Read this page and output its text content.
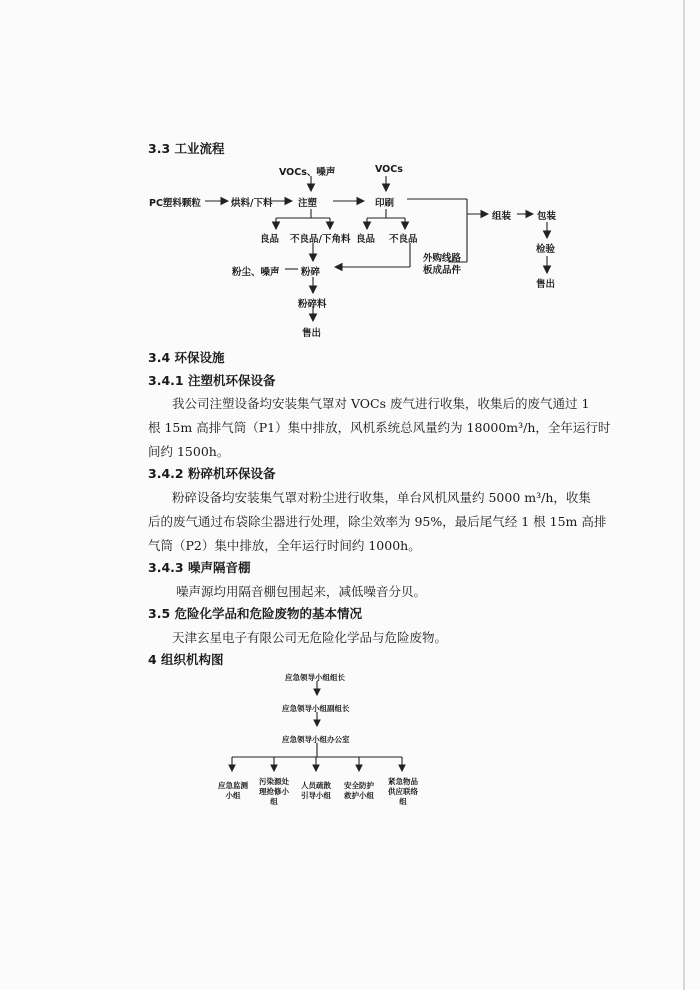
3.3 工业流程
VOCs、噪声	VOCs
PC塑料颗粒	烘料/下料	注塑	印刷
组装	包装
检验
售出
良品 不良品/下角料 良品 不良品
粉尘、噪声 粉碎
外购线路
板成品件
粉碎料
售出
3.4 环保设施
3.4.1 注塑机环保设备
我公司注塑设备均安装集气罩对 VOCs 废气进行收集，收集后的废气通过 1
根 15m 高排气筒（P1）集中排放，风机系统总风量约为 18000m³/h，全年运行时
间约 1500h。
3.4.2 粉碎机环保设备
粉碎设备均安装集气罩对粉尘进行收集，单台风机风量约 5000 m³/h，收集
后的废气通过布袋除尘器进行处理，除尘效率为 95%，最后尾气经 1 根 15m 高排
气筒（P2）集中排放，全年运行时间约 1000h。
3.4.3 噪声隔音棚
噪声源均用隔音棚包围起来，减低噪音分贝。
3.5 危险化学品和危险废物的基本情况
天津玄星电子有限公司无危险化学品与危险废物。
4 组织机构图
应急领导小组组长
应急领导小组副组长
应急领导小组办公室
应急监测
小组
污染源处
理抢修小
组
人员疏散
引导小组
安全防护
救护小组
紧急物品
供应联络
组
